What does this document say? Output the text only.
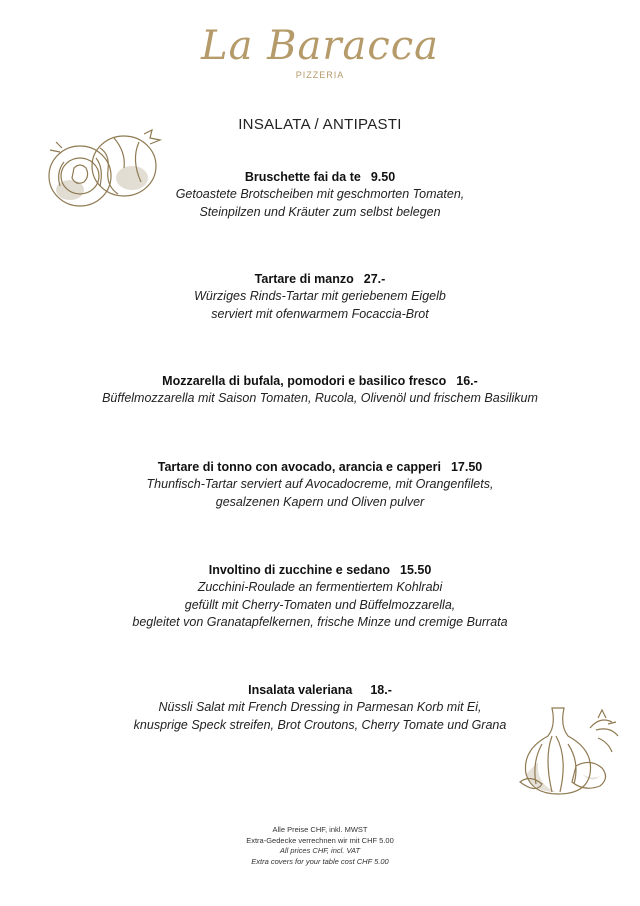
La Baracca
PIZZERIA
INSALATA / ANTIPASTI
Bruschette fai da te 9.50
Getoastete Brotscheiben mit geschmorten Tomaten,
Steinpilzen und Kräuter zum selbst belegen
Tartare di manzo 27.-
Würziges Rinds-Tartar mit geriebenem Eigelb
serviert mit ofenwarmem Focaccia-Brot
Mozzarella di bufala, pomodori e basilico fresco 16.-
Büffelmozzarella mit Saison Tomaten, Rucola, Olivenöl und frischem Basilikum
Tartare di tonno con avocado, arancia e capperi 17.50
Thunfisch-Tartar serviert auf Avocadocreme, mit Orangenfilets,
gesalzenen Kapern und Oliven pulver
Involtino di zucchine e sedano 15.50
Zucchini-Roulade an fermentiertem Kohlrabi
gefüllt mit Cherry-Tomaten und Büffelmozzarella,
begleitet von Granatapfelkernen, frische Minze und cremige Burrata
Insalata valeriana 18.-
Nüssli Salat mit French Dressing in Parmesan Korb mit Ei,
knusprige Speck streifen, Brot Croutons, Cherry Tomate und Grana
Alle Preise CHF, inkl. MWST
Extra-Gedecke verrechnen wir mit CHF 5.00
All prices CHF, incl. VAT
Extra covers for your table cost CHF 5.00
